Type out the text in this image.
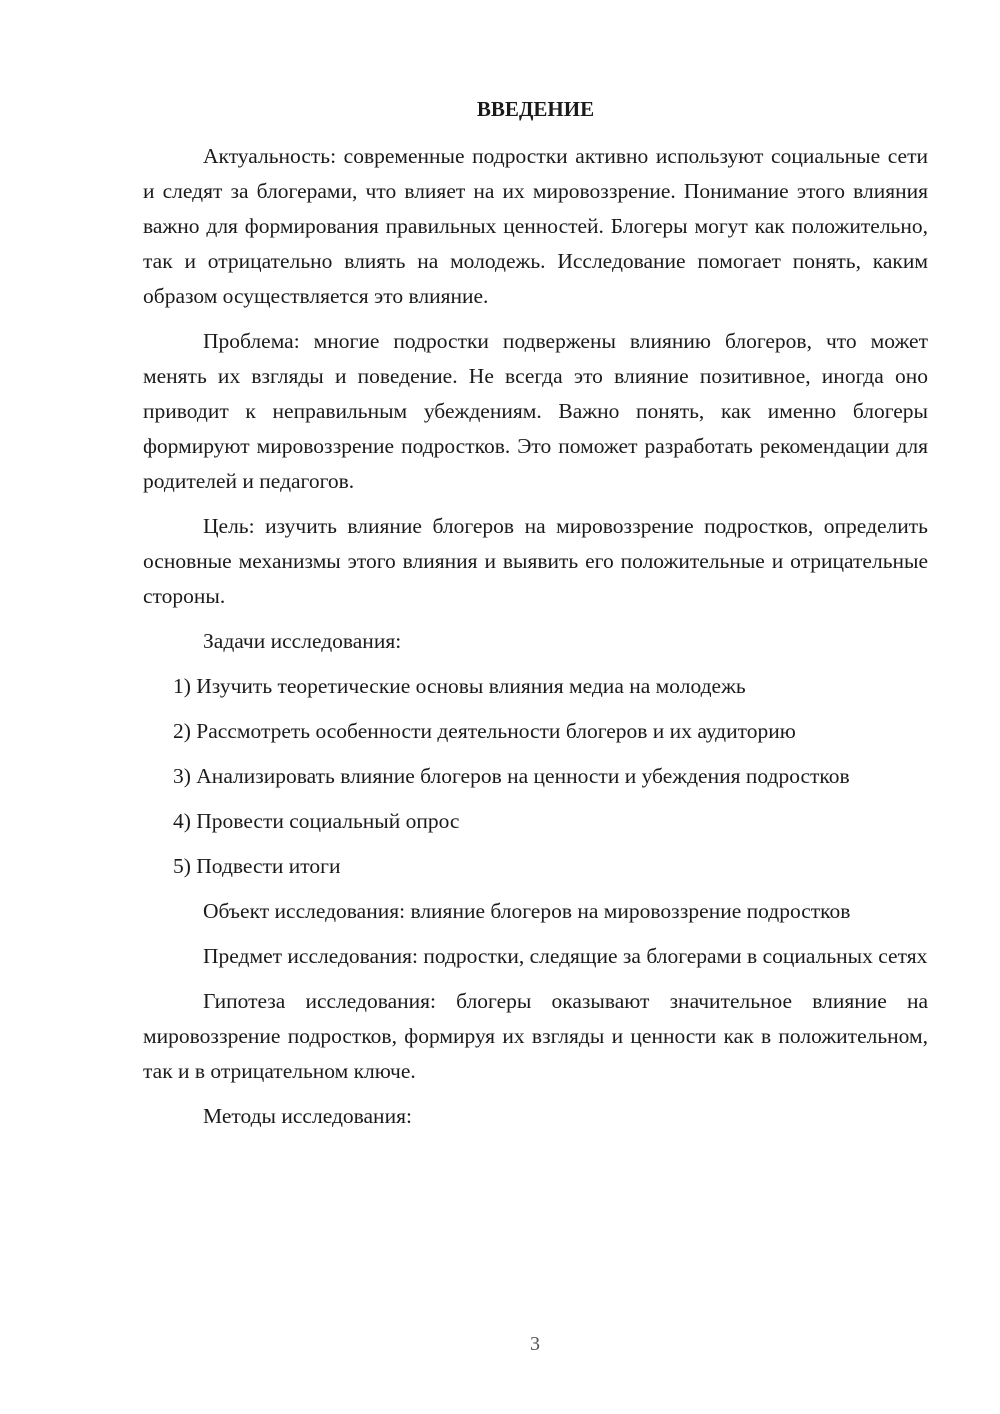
ВВЕДЕНИЕ

Актуальность: современные подростки активно используют социальные сети и следят за блогерами, что влияет на их мировоззрение. Понимание этого влияния важно для формирования правильных ценностей. Блогеры могут как положительно, так и отрицательно влиять на молодежь. Исследование помогает понять, каким образом осуществляется это влияние.

Проблема: многие подростки подвержены влиянию блогеров, что может менять их взгляды и поведение. Не всегда это влияние позитивное, иногда оно приводит к неправильным убеждениям. Важно понять, как именно блогеры формируют мировоззрение подростков. Это поможет разработать рекомендации для родителей и педагогов.

Цель: изучить влияние блогеров на мировоззрение подростков, определить основные механизмы этого влияния и выявить его положительные и отрицательные стороны.

Задачи исследования:

1) Изучить теоретические основы влияния медиа на молодежь

2) Рассмотреть особенности деятельности блогеров и их аудиторию

3) Анализировать влияние блогеров на ценности и убеждения подростков

4) Провести социальный опрос

5) Подвести итоги

Объект исследования: влияние блогеров на мировоззрение подростков

Предмет исследования: подростки, следящие за блогерами в социальных сетях

Гипотеза исследования: блогеры оказывают значительное влияние на мировоззрение подростков, формируя их взгляды и ценности как в положительном, так и в отрицательном ключе.

Методы исследования:

3
